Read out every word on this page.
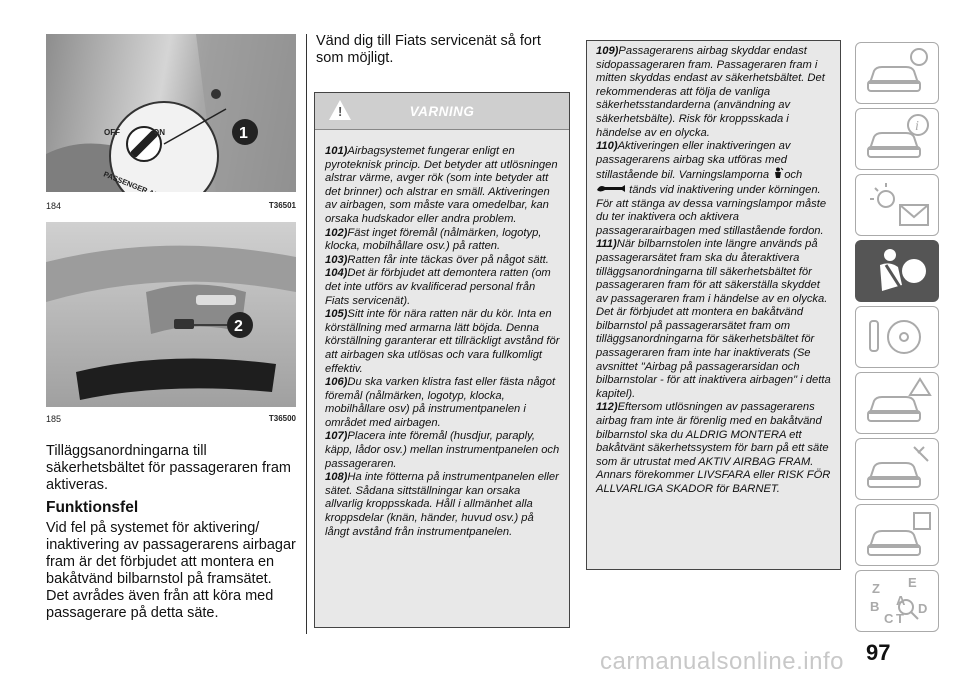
1
OFF	ON
PASSENGER
184	T36501
2
185	T36500
Tilläggsanordningarna till säkerhetsbältet för passageraren fram aktiveras.
Funktionsfel
Vid fel på systemet för aktivering/ inaktivering av passagerarens airbagar fram är det förbjudet att montera en bakåtvänd bilbarnstol på framsätet. Det avrådes även från att köra med passagerare på detta säte.
Vänd dig till Fiats servicenät så fort som möjligt.
!
VARNING

101)Airbagsystemet fungerar enligt en pyroteknisk princip. Det betyder att utlösningen alstrar värme, avger rök (som inte betyder att det brinner) och alstrar en smäll. Aktiveringen av airbagen, som måste vara omedelbar, kan orsaka hudskador eller andra problem.

102)Fäst inget föremål (nålmärken, logotyp, klocka, mobilhållare osv.) på ratten.

103)Ratten får inte täckas över på något sätt.

104)Det är förbjudet att demontera ratten (om det inte utförs av kvalificerad personal från Fiats servicenät).

105)Sitt inte för nära ratten när du kör. Inta en körställning med armarna lätt böjda. Denna körställning garanterar ett tillräckligt avstånd för att airbagen ska utlösas och vara fullkomligt effektiv.

106)Du ska varken klistra fast eller fästa något föremål (nålmärken, logotyp, klocka, mobilhållare osv) på instrumentpanelen i området med airbagen.

107)Placera inte föremål (husdjur, paraply, käpp, lådor osv.) mellan instrumentpanelen och passageraren.

108)Ha inte fötterna på instrumentpanelen eller sätet. Sådana sittställningar kan orsaka allvarlig kroppsskada. Håll i allmänhet alla kroppsdelar (knän, händer, huvud osv.) på långt avstånd från instrumentpanelen.

109)Passagerarens airbag skyddar endast sidopassageraren fram. Passageraren fram i mitten skyddas endast av säkerhetsbältet. Det rekommenderas att följa de vanliga säkerhetsstandarderna (användning av säkerhetsbälte). Risk för kroppsskada i händelse av en olycka.

110)Aktiveringen eller inaktiveringen av passagerarens airbag ska utföras med stillastående bil. Varningslamporna och
tänds vid inaktivering under körningen. För att stänga av dessa varningslampor måste du ter inaktivera och aktivera passagerarairbagen med stillastående fordon.

111)När bilbarnstolen inte längre används på passagerarsätet fram ska du återaktivera tilläggsanordningarna till säkerhetsbältet för passageraren fram för att säkerställa skyddet av passageraren fram i händelse av en olycka. Det är förbjudet att montera en bakåtvänd bilbarnstol på passagerarsätet fram om tilläggsanordningarna för säkerhetsbältet för passageraren fram inte har inaktiverats (Se avsnittet "Airbag på passagerarsidan och bilbarnstolar - för att inaktivera airbagen" i detta kapitel).

112)Eftersom utlösningen av passagerarens airbag fram inte är förenlig med en bakåtvänd bilbarnstol ska du ALDRIG MONTERA ett bakåtvänt säkerhetssystem för barn på ett säte som är utrustat med AKTIV AIRBAG FRAM. Annars förekommer LIVSFARA eller RISK FÖR ALLVARLIGA SKADOR för BARNET.

i
Z E
B A
C T
D
97
carmanualsonline.info
